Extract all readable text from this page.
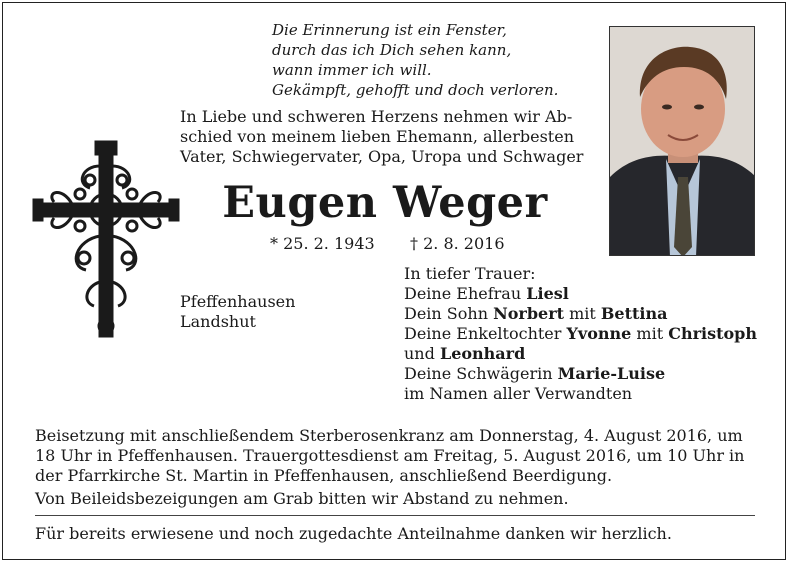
Die Erinnerung ist ein Fenster,
durch das ich Dich sehen kann,
wann immer ich will.
Gekämpft, gehofft und doch verloren.
In Liebe und schweren Herzens nehmen wir Ab-
schied von meinem lieben Ehemann, allerbesten
Vater, Schwiegervater, Opa, Uropa und Schwager
Eugen Weger
* 25. 2. 1943 † 2. 8. 2016
Pfeffenhausen
Landshut
In tiefer Trauer:
Deine Ehefrau Liesl
Dein Sohn Norbert mit Bettina
Deine Enkeltochter Yvonne mit Christoph
und Leonhard
Deine Schwägerin Marie-Luise
im Namen aller Verwandten
Beisetzung mit anschließendem Sterberosenkranz am Donnerstag, 4. August 2016, um 18 Uhr in Pfeffenhausen. Trauergottesdienst am Freitag, 5. August 2016, um 10 Uhr in der Pfarrkirche St. Martin in Pfeffenhausen, anschließend Beerdigung.
Von Beileidsbezeigungen am Grab bitten wir Abstand zu nehmen.
Für bereits erwiesene und noch zugedachte Anteilnahme danken wir herzlich.
